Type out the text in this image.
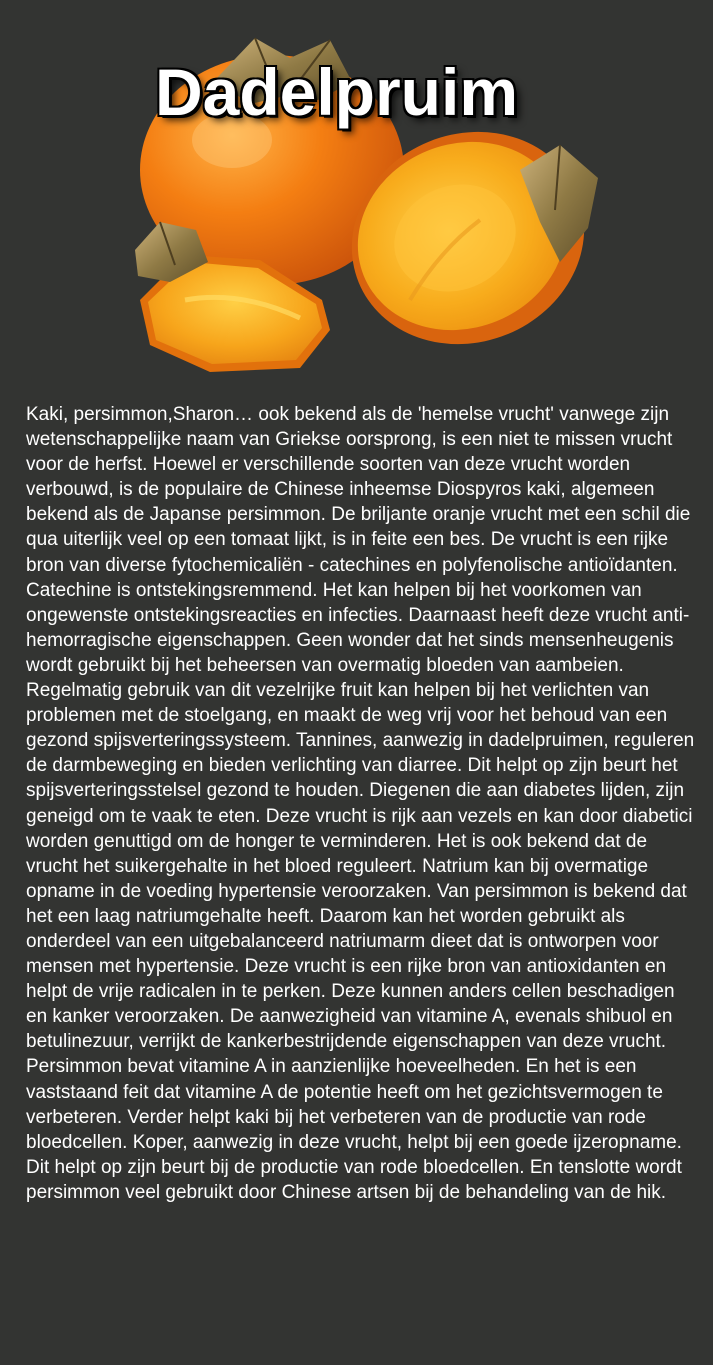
Dadelpruim

Kaki, persimmon,Sharon… ook bekend als de 'hemelse vrucht' vanwege zijn wetenschappelijke naam van Griekse oorsprong, is een niet te missen vrucht voor de herfst. Hoewel er verschillende soorten van deze vrucht worden verbouwd, is de populaire de Chinese inheemse Diospyros kaki, algemeen bekend als de Japanse persimmon. De briljante oranje vrucht met een schil die qua uiterlijk veel op een tomaat lijkt, is in feite een bes. De vrucht is een rijke bron van diverse fytochemicaliën - catechines en polyfenolische antioïdanten. Catechine is ontstekingsremmend. Het kan helpen bij het voorkomen van ongewenste ontstekingsreacties en infecties. Daarnaast heeft deze vrucht anti-hemorragische eigenschappen. Geen wonder dat het sinds mensenheugenis wordt gebruikt bij het beheersen van overmatig bloeden van aambeien. Regelmatig gebruik van dit vezelrijke fruit kan helpen bij het verlichten van problemen met de stoelgang, en maakt de weg vrij voor het behoud van een gezond spijsverteringssysteem. Tannines, aanwezig in dadelpruimen, reguleren de darmbeweging en bieden verlichting van diarree. Dit helpt op zijn beurt het spijsverteringsstelsel gezond te houden. Diegenen die aan diabetes lijden, zijn geneigd om te vaak te eten. Deze vrucht is rijk aan vezels en kan door diabetici worden genuttigd om de honger te verminderen. Het is ook bekend dat de vrucht het suikergehalte in het bloed reguleert. Natrium kan bij overmatige opname in de voeding hypertensie veroorzaken. Van persimmon is bekend dat het een laag natriumgehalte heeft. Daarom kan het worden gebruikt als onderdeel van een uitgebalanceerd natriumarm dieet dat is ontworpen voor mensen met hypertensie. Deze vrucht is een rijke bron van antioxidanten en helpt de vrije radicalen in te perken. Deze kunnen anders cellen beschadigen en kanker veroorzaken. De aanwezigheid van vitamine A, evenals shibuol en betulinezuur, verrijkt de kankerbestrijdende eigenschappen van deze vrucht.

Persimmon bevat vitamine A in aanzienlijke hoeveelheden. En het is een vaststaand feit dat vitamine A de potentie heeft om het gezichtsvermogen te verbeteren. Verder helpt kaki bij het verbeteren van de productie van rode bloedcellen. Koper, aanwezig in deze vrucht, helpt bij een goede ijzeropname. Dit helpt op zijn beurt bij de productie van rode bloedcellen. En tenslotte wordt persimmon veel gebruikt door Chinese artsen bij de behandeling van de hik.
